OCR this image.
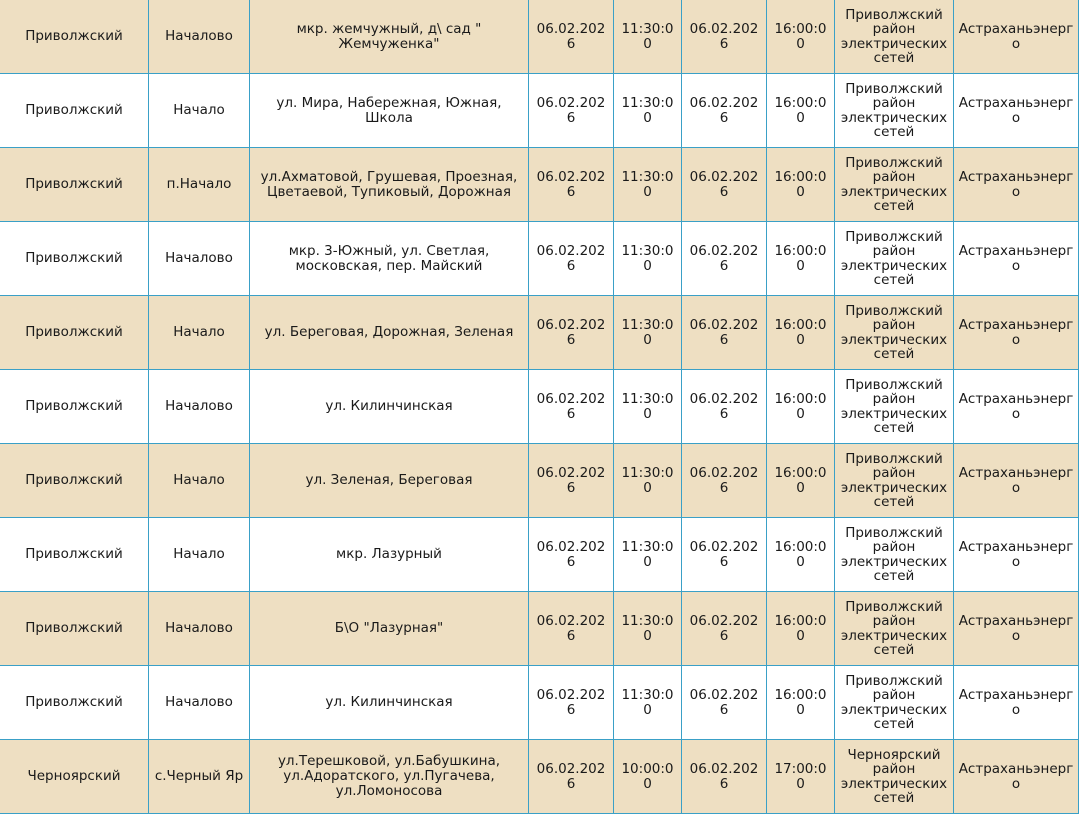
Приволжский	Началово	мкр. жемчужный, д\ сад " Жемчуженка"	06.02.2026	11:30:00	06.02.2026	16:00:00	Приволжский район электрических сетей	Астраханьэнерго
Приволжский	Начало	ул. Мира, Набережная, Южная, Школа	06.02.2026	11:30:00	06.02.2026	16:00:00	Приволжский район электрических сетей	Астраханьэнерго
Приволжский	п.Начало	ул.Ахматовой, Грушевая, Проезная, Цветаевой, Тупиковый, Дорожная	06.02.2026	11:30:00	06.02.2026	16:00:00	Приволжский район электрических сетей	Астраханьэнерго
Приволжский	Началово	мкр. 3-Южный, ул. Светлая, московская, пер. Майский	06.02.2026	11:30:00	06.02.2026	16:00:00	Приволжский район электрических сетей	Астраханьэнерго
Приволжский	Начало	ул. Береговая, Дорожная, Зеленая	06.02.2026	11:30:00	06.02.2026	16:00:00	Приволжский район электрических сетей	Астраханьэнерго
Приволжский	Началово	ул. Килинчинская	06.02.2026	11:30:00	06.02.2026	16:00:00	Приволжский район электрических сетей	Астраханьэнерго
Приволжский	Начало	ул. Зеленая, Береговая	06.02.2026	11:30:00	06.02.2026	16:00:00	Приволжский район электрических сетей	Астраханьэнерго
Приволжский	Начало	мкр. Лазурный	06.02.2026	11:30:00	06.02.2026	16:00:00	Приволжский район электрических сетей	Астраханьэнерго
Приволжский	Началово	Б\О "Лазурная"	06.02.2026	11:30:00	06.02.2026	16:00:00	Приволжский район электрических сетей	Астраханьэнерго
Приволжский	Началово	ул. Килинчинская	06.02.2026	11:30:00	06.02.2026	16:00:00	Приволжский район электрических сетей	Астраханьэнерго
Черноярский	с.Черный Яр	ул.Терешковой, ул.Бабушкина, ул.Адоратского, ул.Пугачева, ул.Ломоносова	06.02.2026	10:00:00	06.02.2026	17:00:00	Черноярский район электрических сетей	Астраханьэнерго
